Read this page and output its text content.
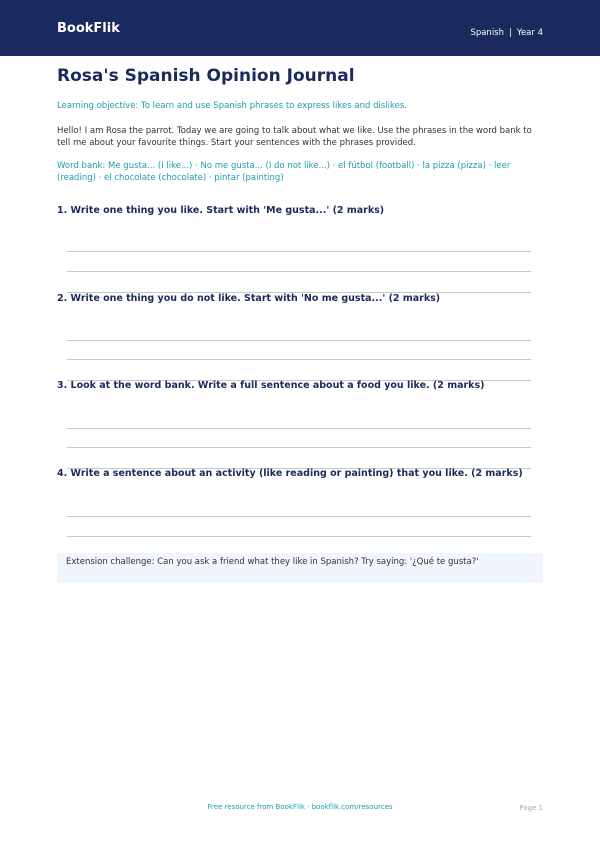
BookFlik	Spanish | Year 4
Rosa's Spanish Opinion Journal
Learning objective: To learn and use Spanish phrases to express likes and dislikes.
Hello! I am Rosa the parrot. Today we are going to talk about what we like. Use the phrases in the word bank to tell me about your favourite things. Start your sentences with the phrases provided.
Word bank: Me gusta... (I like...) · No me gusta... (I do not like...) · el fútbol (football) · la pizza (pizza) · leer (reading) · el chocolate (chocolate) · pintar (painting)
1. Write one thing you like. Start with 'Me gusta...' (2 marks)
2. Write one thing you do not like. Start with 'No me gusta...' (2 marks)
3. Look at the word bank. Write a full sentence about a food you like. (2 marks)
4. Write a sentence about an activity (like reading or painting) that you like. (2 marks)
Extension challenge: Can you ask a friend what they like in Spanish? Try saying: '¿Qué te gusta?'
Free resource from BookFlik · bookflik.com/resources	Page 1
